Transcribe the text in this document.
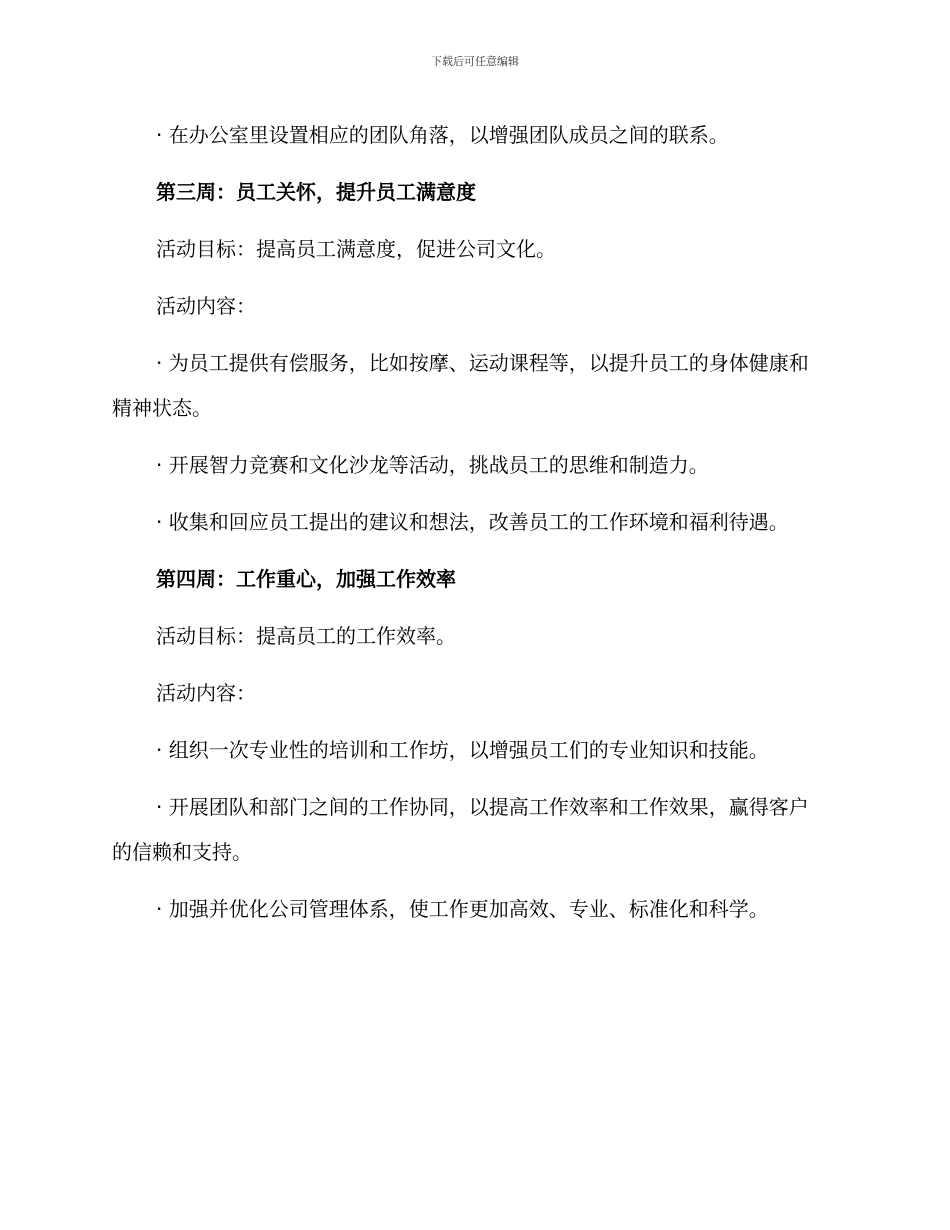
下载后可任意编辑

· 在办公室里设置相应的团队角落，以增强团队成员之间的联系。

第三周：员工关怀，提升员工满意度

活动目标：提高员工满意度，促进公司文化。

活动内容：

· 为员工提供有偿服务，比如按摩、运动课程等，以提升员工的身体健康和精神状态。

· 开展智力竞赛和文化沙龙等活动，挑战员工的思维和制造力。

· 收集和回应员工提出的建议和想法，改善员工的工作环境和福利待遇。

第四周：工作重心，加强工作效率

活动目标：提高员工的工作效率。

活动内容：

· 组织一次专业性的培训和工作坊，以增强员工们的专业知识和技能。

· 开展团队和部门之间的工作协同，以提高工作效率和工作效果，赢得客户的信赖和支持。

· 加强并优化公司管理体系，使工作更加高效、专业、标准化和科学。
